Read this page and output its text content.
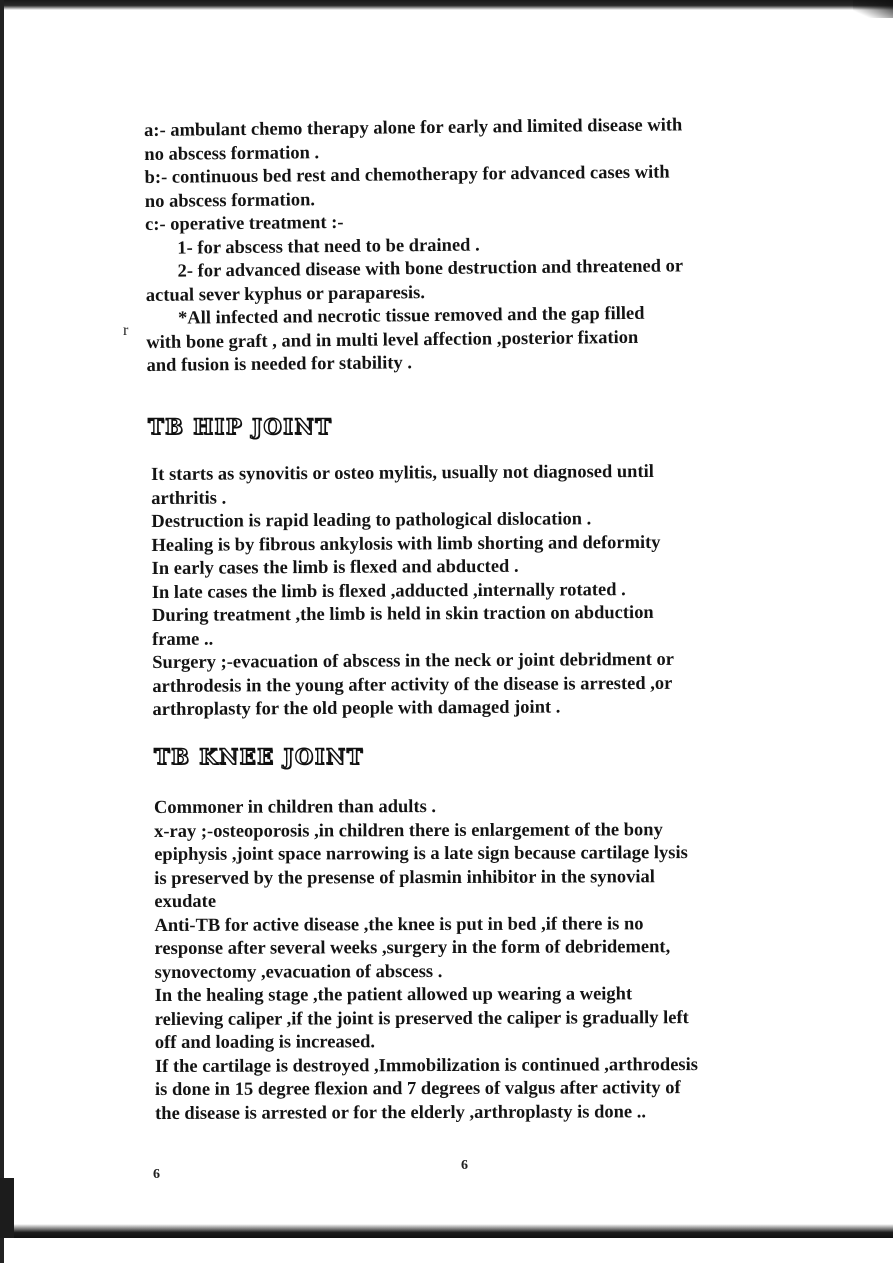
a:- ambulant chemo therapy alone for early and limited disease with
no abscess formation .
b:- continuous bed rest and chemotherapy for advanced cases with
no abscess formation.
c:- operative treatment :-
1- for abscess that need to be drained .
2- for advanced disease with bone destruction and threatened or
actual sever kyphus or paraparesis.
*All infected and necrotic tissue removed and the gap filled
with bone graft , and in multi level affection ,posterior fixation
and fusion is needed for stability .
r
TB HIP JOINT
It starts as synovitis or osteo mylitis, usually not diagnosed until
arthritis .
Destruction is rapid leading to pathological dislocation .
Healing is by fibrous ankylosis with limb shorting and deformity
In early cases the limb is flexed and abducted .
In late cases the limb is flexed ,adducted ,internally rotated .
During treatment ,the limb is held in skin traction on abduction
frame ..
Surgery ;-evacuation of abscess in the neck or joint debridment or
arthrodesis in the young after activity of the disease is arrested ,or
arthroplasty for the old people with damaged joint .
TB KNEE JOINT
Commoner in children than adults .
x-ray ;-osteoporosis ,in children there is enlargement of the bony
epiphysis ,joint space narrowing is a late sign because cartilage lysis
is preserved by the presense of plasmin inhibitor in the synovial
exudate
Anti-TB for active disease ,the knee is put in bed ,if there is no
response after several weeks ,surgery in the form of debridement,
synovectomy ,evacuation of abscess .
In the healing stage ,the patient allowed up wearing a weight
relieving caliper ,if the joint is preserved the caliper is gradually left
off and loading is increased.
If the cartilage is destroyed ,Immobilization is continued ,arthrodesis
is done in 15 degree flexion and 7 degrees of valgus after activity of
the disease is arrested or for the elderly ,arthroplasty is done ..
6
6
